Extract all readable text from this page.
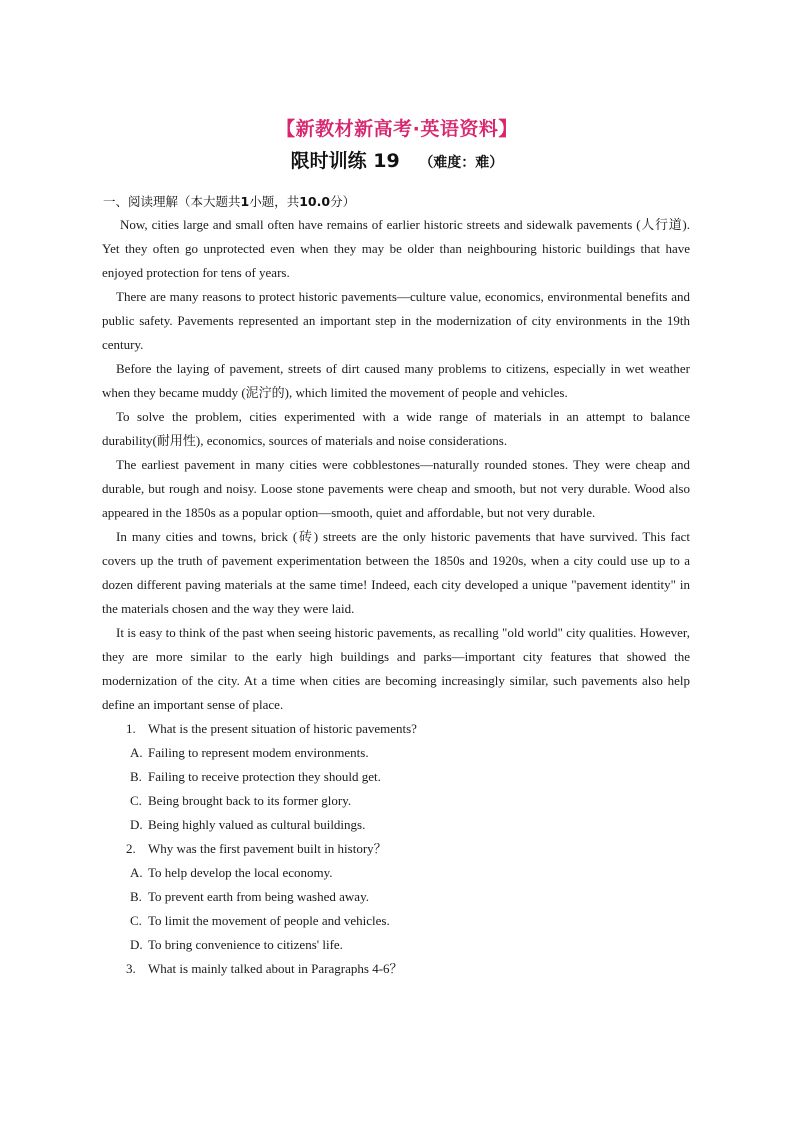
【新教材新高考·英语资料】
限时训练 19 （难度：难）
一、阅读理解（本大题共1小题，共10.0分）

Now, cities large and small often have remains of earlier historic streets and sidewalk pavements (人行道). Yet they often go unprotected even when they may be older than neighbouring historic buildings that have enjoyed protection for tens of years.

There are many reasons to protect historic pavements—culture value, economics, environmental benefits and public safety. Pavements represented an important step in the modernization of city environments in the 19th century.

Before the laying of pavement, streets of dirt caused many problems to citizens, especially in wet weather when they became muddy (泥泞的), which limited the movement of people and vehicles.

To solve the problem, cities experimented with a wide range of materials in an attempt to balance durability(耐用性), economics, sources of materials and noise considerations.

The earliest pavement in many cities were cobblestones—naturally rounded stones. They were cheap and durable, but rough and noisy. Loose stone pavements were cheap and smooth, but not very durable. Wood also appeared in the 1850s as a popular option—smooth, quiet and affordable, but not very durable.

In many cities and towns, brick (砖) streets are the only historic pavements that have survived. This fact covers up the truth of pavement experimentation between the 1850s and 1920s, when a city could use up to a dozen different paving materials at the same time! Indeed, each city developed a unique "pavement identity" in the materials chosen and the way they were laid.

It is easy to think of the past when seeing historic pavements, as recalling "old world" city qualities. However, they are more similar to the early high buildings and parks—important city features that showed the modernization of the city. At a time when cities are becoming increasingly similar, such pavements also help define an important sense of place.

1. What is the present situation of historic pavements?
A. Failing to represent modem environments.
B. Failing to receive protection they should get.
C. Being brought back to its former glory.
D. Being highly valued as cultural buildings.
2. Why was the first pavement built in history？
A. To help develop the local economy.
B. To prevent earth from being washed away.
C. To limit the movement of people and vehicles.
D. To bring convenience to citizens' life.
3. What is mainly talked about in Paragraphs 4-6？
